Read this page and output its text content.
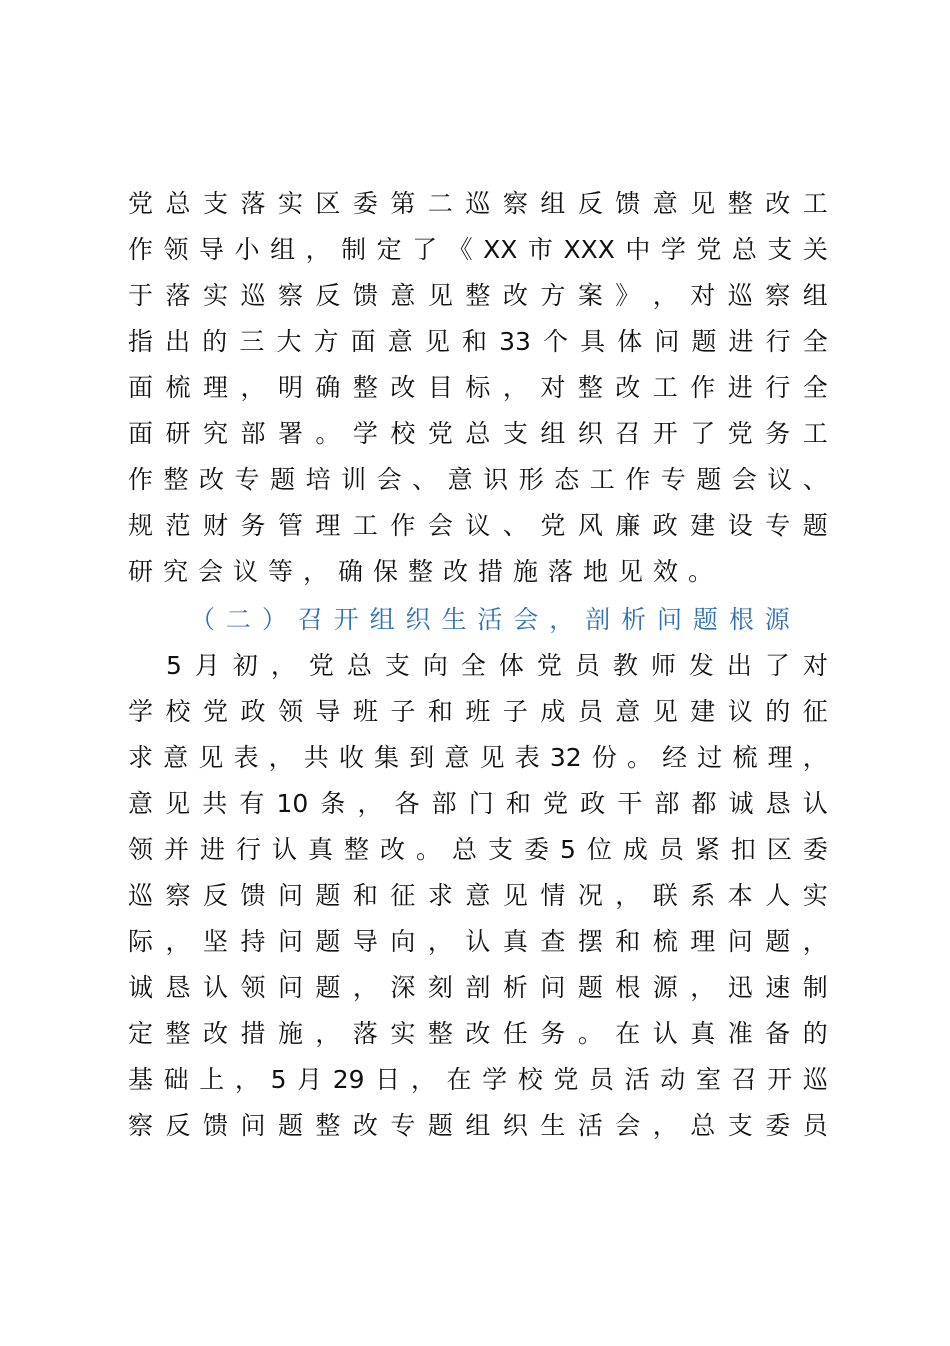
党 总 支 落 实 区 委 第 二 巡 察 组 反 馈 意 见 整 改 工
作 领 导 小 组 ， 制 定 了 《 XX 市 XXX 中 学 党 总 支 关
于 落 实 巡 察 反 馈 意 见 整 改 方 案 》 ， 对 巡 察 组
指 出 的 三 大 方 面 意 见 和 33 个 具 体 问 题 进 行 全
面 梳 理 ， 明 确 整 改 目 标 ， 对 整 改 工 作 进 行 全
面 研 究 部 署 。 学 校 党 总 支 组 织 召 开 了 党 务 工
作 整 改 专 题 培 训 会 、 意 识 形 态 工 作 专 题 会 议 、
规 范 财 务 管 理 工 作 会 议 、 党 风 廉 政 建 设 专 题
研究会议等，确保整改措施落地见效。
（ 二 ） 召 开 组 织 生 活 会 ， 剖 析 问 题 根 源

5 月 初 ， 党 总 支 向 全 体 党 员 教 师 发 出 了 对
学 校 党 政 领 导 班 子 和 班 子 成 员 意 见 建 议 的 征
求 意 见 表 ， 共 收 集 到 意 见 表 32 份 。 经 过 梳 理 ，
意 见 共 有 10 条 ， 各 部 门 和 党 政 干 部 都 诚 恳 认
领 并 进 行 认 真 整 改 。 总 支 委 5 位 成 员 紧 扣 区 委
巡 察 反 馈 问 题 和 征 求 意 见 情 况 ， 联 系 本 人 实
际 ， 坚 持 问 题 导 向 ， 认 真 查 摆 和 梳 理 问 题 ，
诚 恳 认 领 问 题 ， 深 刻 剖 析 问 题 根 源 ， 迅 速 制
定 整 改 措 施 ， 落 实 整 改 任 务 。 在 认 真 准 备 的
基 础 上 ， 5 月 29 日 ， 在 学 校 党 员 活 动 室 召 开 巡
察 反 馈 问 题 整 改 专 题 组 织 生 活 会 ， 总 支 委 员
